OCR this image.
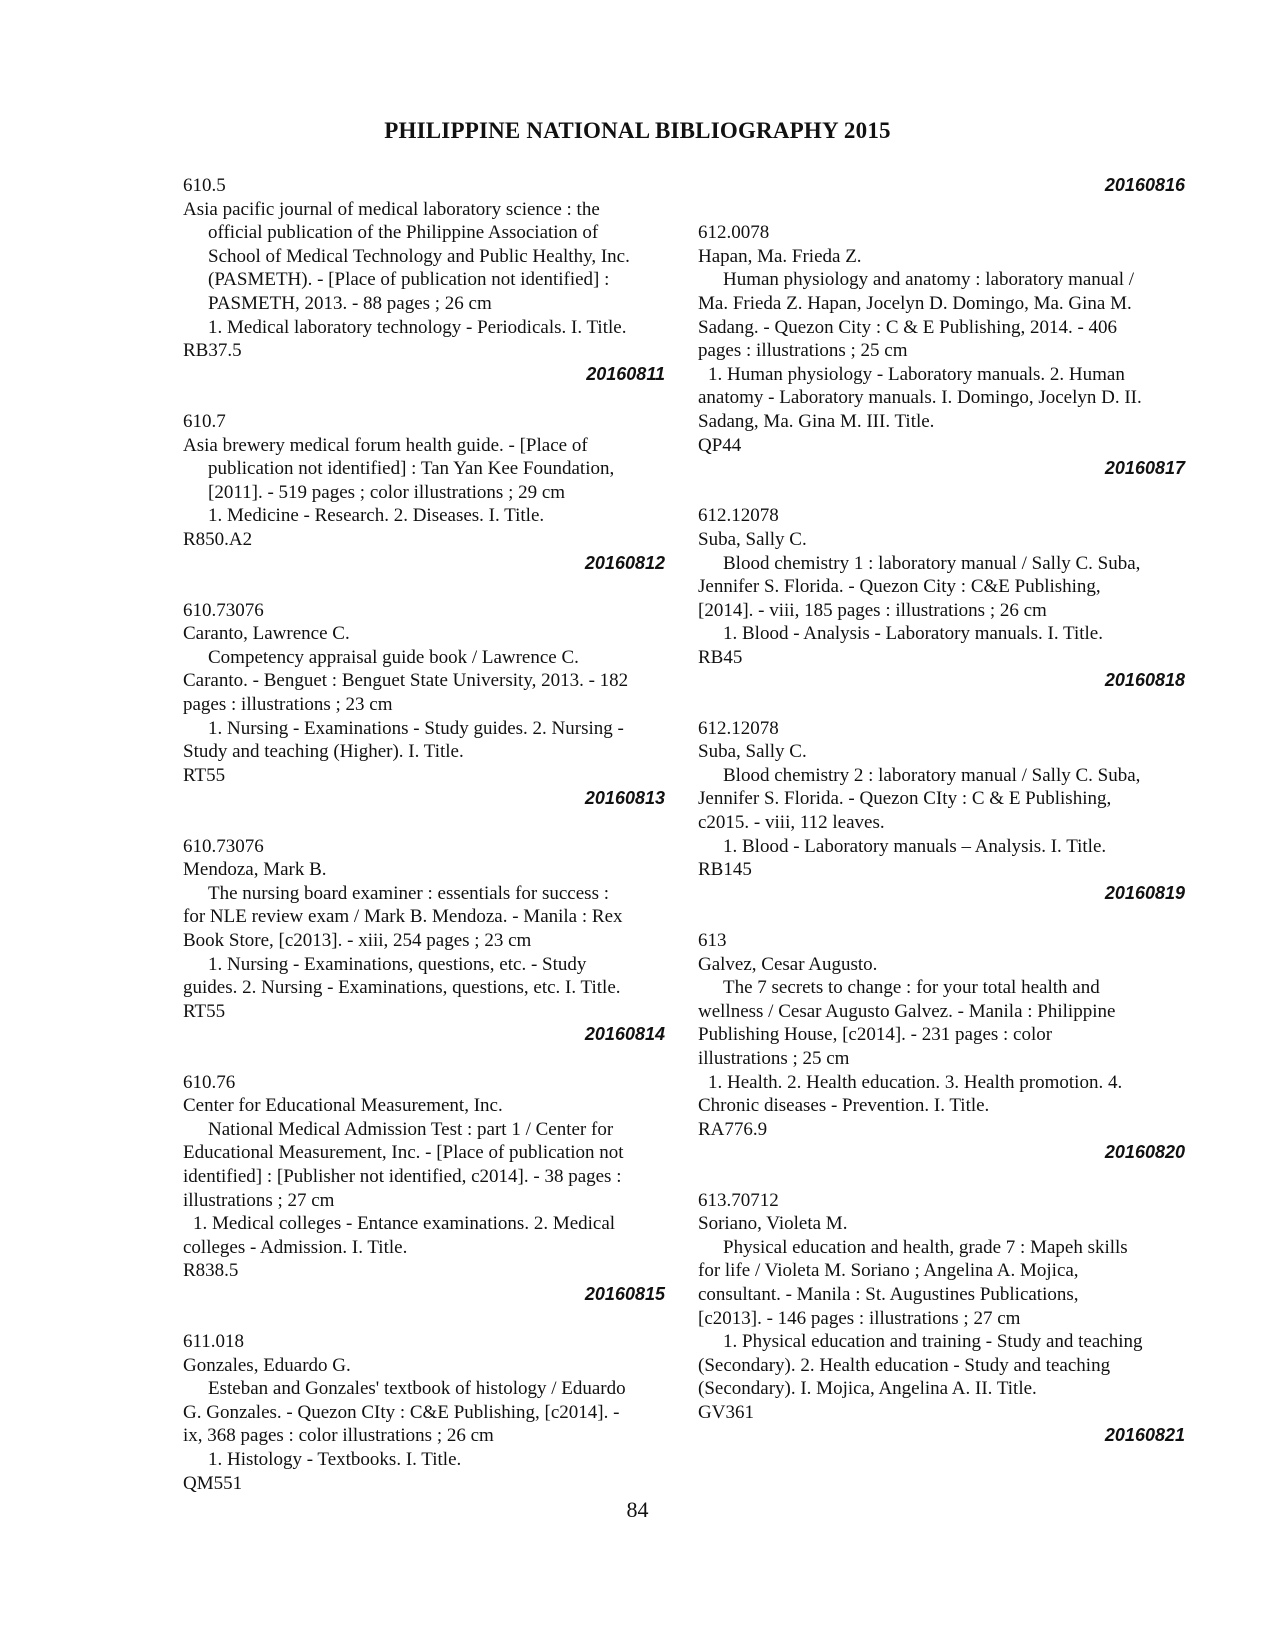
PHILIPPINE NATIONAL BIBLIOGRAPHY 2015
610.5
Asia pacific journal of medical laboratory science : the
official publication of the Philippine Association of
School of Medical Technology and Public Healthy, Inc.
(PASMETH). - [Place of publication not identified] :
PASMETH, 2013. - 88 pages ; 26 cm
1. Medical laboratory technology - Periodicals. I. Title.
RB37.5
20160811
610.7
Asia brewery medical forum health guide. - [Place of
publication not identified] : Tan Yan Kee Foundation,
[2011]. - 519 pages ; color illustrations ; 29 cm
1. Medicine - Research. 2. Diseases. I. Title.
R850.A2
20160812
610.73076
Caranto, Lawrence C.
Competency appraisal guide book / Lawrence C.
Caranto. - Benguet : Benguet State University, 2013. - 182
pages : illustrations ; 23 cm
1. Nursing - Examinations - Study guides. 2. Nursing -
Study and teaching (Higher). I. Title.
RT55
20160813
610.73076
Mendoza, Mark B.
The nursing board examiner : essentials for success :
for NLE review exam / Mark B. Mendoza. - Manila : Rex
Book Store, [c2013]. - xiii, 254 pages ; 23 cm
1. Nursing - Examinations, questions, etc. - Study
guides. 2. Nursing - Examinations, questions, etc. I. Title.
RT55
20160814
610.76
Center for Educational Measurement, Inc.
National Medical Admission Test : part 1 / Center for
Educational Measurement, Inc. - [Place of publication not
identified] : [Publisher not identified, c2014]. - 38 pages :
illustrations ; 27 cm
1. Medical colleges - Entance examinations. 2. Medical
colleges - Admission. I. Title.
R838.5
20160815
611.018
Gonzales, Eduardo G.
Esteban and Gonzales' textbook of histology / Eduardo
G. Gonzales. - Quezon CIty : C&E Publishing, [c2014]. -
ix, 368 pages : color illustrations ; 26 cm
1. Histology - Textbooks. I. Title.
QM551
20160816
612.0078
Hapan, Ma. Frieda Z.
Human physiology and anatomy : laboratory manual /
Ma. Frieda Z. Hapan, Jocelyn D. Domingo, Ma. Gina M.
Sadang. - Quezon City : C & E Publishing, 2014. - 406
pages : illustrations ; 25 cm
1. Human physiology - Laboratory manuals. 2. Human
anatomy - Laboratory manuals. I. Domingo, Jocelyn D. II.
Sadang, Ma. Gina M. III. Title.
QP44
20160817
612.12078
Suba, Sally C.
Blood chemistry 1 : laboratory manual / Sally C. Suba,
Jennifer S. Florida. - Quezon City : C&E Publishing,
[2014]. - viii, 185 pages : illustrations ; 26 cm
1. Blood - Analysis - Laboratory manuals. I. Title.
RB45
20160818
612.12078
Suba, Sally C.
Blood chemistry 2 : laboratory manual / Sally C. Suba,
Jennifer S. Florida. - Quezon CIty : C & E Publishing,
c2015. - viii, 112 leaves.
1. Blood - Laboratory manuals – Analysis. I. Title.
RB145
20160819
613
Galvez, Cesar Augusto.
The 7 secrets to change : for your total health and
wellness / Cesar Augusto Galvez. - Manila : Philippine
Publishing House, [c2014]. - 231 pages : color
illustrations ; 25 cm
1. Health. 2. Health education. 3. Health promotion. 4.
Chronic diseases - Prevention. I. Title.
RA776.9
20160820
613.70712
Soriano, Violeta M.
Physical education and health, grade 7 : Mapeh skills
for life / Violeta M. Soriano ; Angelina A. Mojica,
consultant. - Manila : St. Augustines Publications,
[c2013]. - 146 pages : illustrations ; 27 cm
1. Physical education and training - Study and teaching
(Secondary). 2. Health education - Study and teaching
(Secondary). I. Mojica, Angelina A. II. Title.
GV361
20160821
84
